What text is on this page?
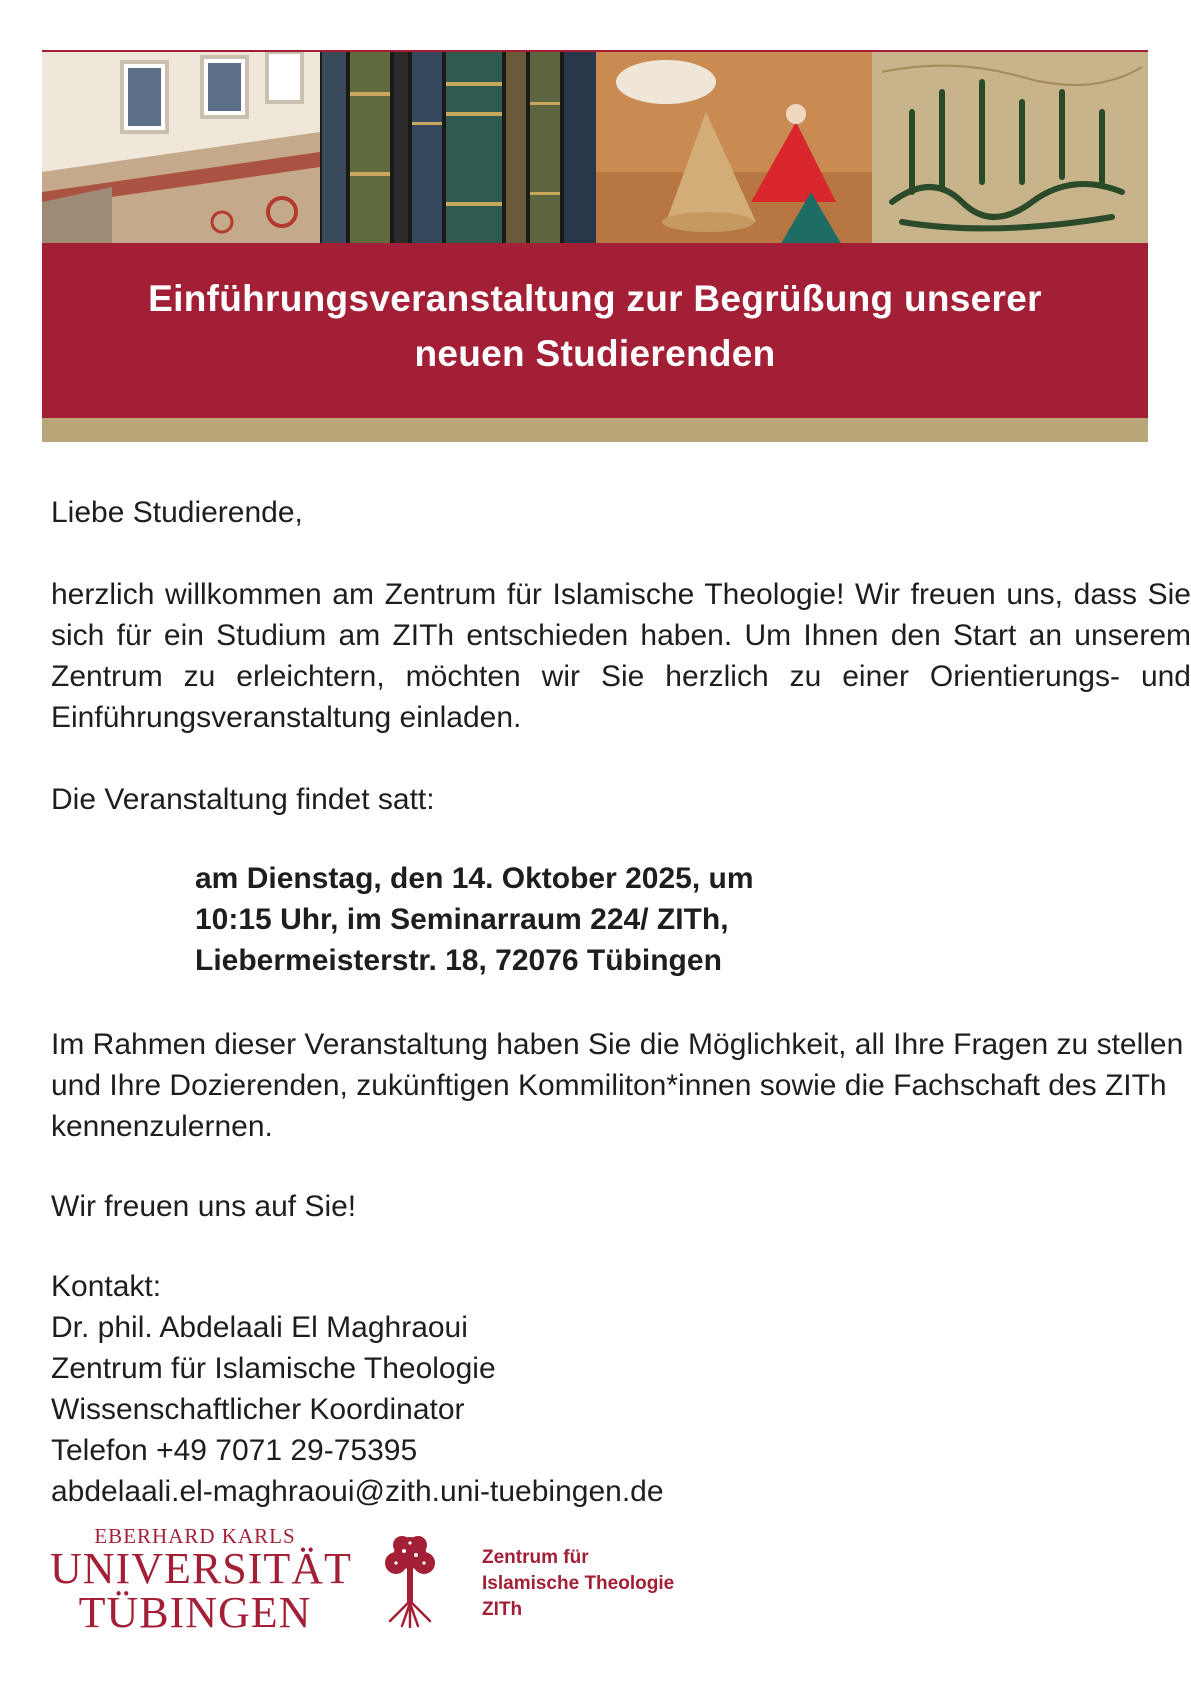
Einführungsveranstaltung zur Begrüßung unserer
neuen Studierenden
Liebe Studierende,
herzlich willkommen am Zentrum für Islamische Theologie! Wir freuen uns, dass Sie sich für ein Studium am ZITh entschieden haben. Um Ihnen den Start an unserem Zentrum zu erleichtern, möchten wir Sie herzlich zu einer Orientierungs- und Einführungsveranstaltung einladen.
Die Veranstaltung findet satt:
am Dienstag, den 14. Oktober 2025, um
10:15 Uhr, im Seminarraum 224/ ZITh,
Liebermeisterstr. 18, 72076 Tübingen
Im Rahmen dieser Veranstaltung haben Sie die Möglichkeit, all Ihre Fragen zu stellen und Ihre Dozierenden, zukünftigen Kommiliton*innen sowie die Fachschaft des ZITh kennenzulernen.
Wir freuen uns auf Sie!
Kontakt:
Dr. phil. Abdelaali El Maghraoui
Zentrum für Islamische Theologie
Wissenschaftlicher Koordinator
Telefon +49 7071 29-75395
abdelaali.el-maghraoui@zith.uni-tuebingen.de
EBERHARD KARLS
UNIVERSITÄT
TÜBINGEN
Zentrum für
Islamische Theologie
ZITh
